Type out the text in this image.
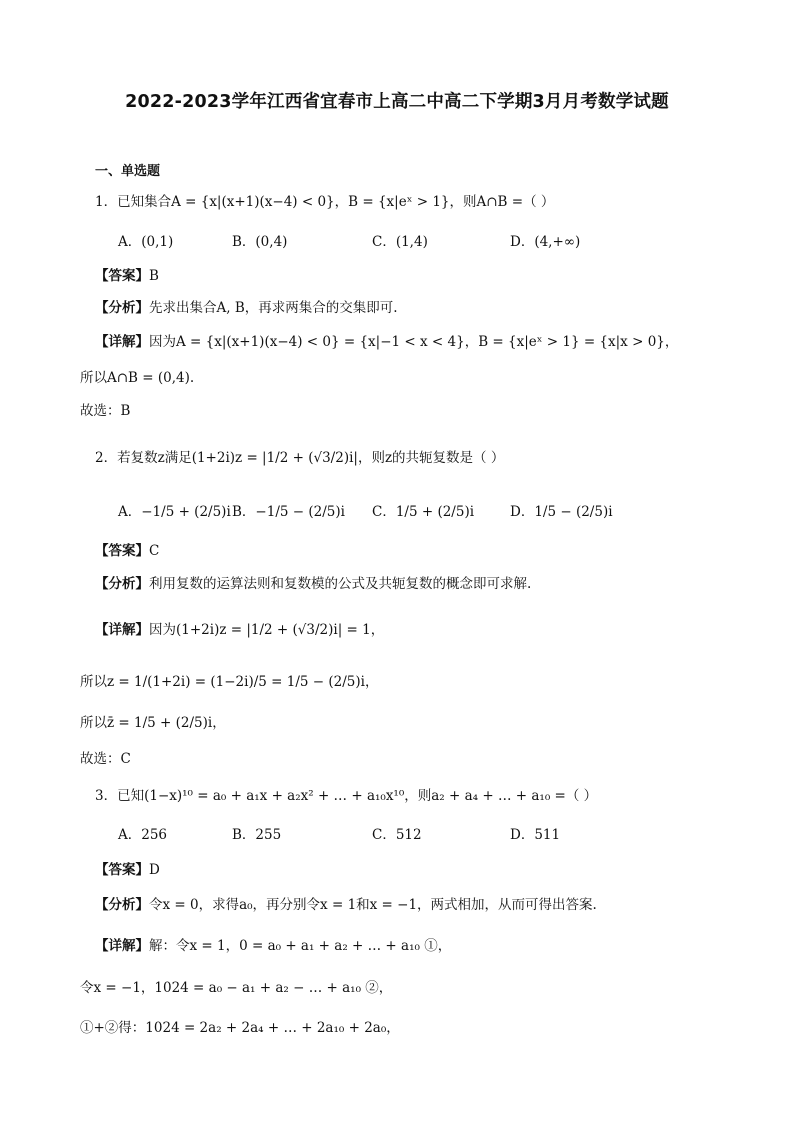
2022-2023学年江西省宜春市上高二中高二下学期3月月考数学试题
一、单选题
1．已知集合A = {x|(x+1)(x−4) < 0}，B = {x|eˣ > 1}，则A∩B =（ ）
A．(0,1)	B．(0,4)	C．(1,4)	D．(4,+∞)
【答案】B
【分析】先求出集合A, B，再求两集合的交集即可.
【详解】因为A = {x|(x+1)(x−4) < 0} = {x|−1 < x < 4}，B = {x|eˣ > 1} = {x|x > 0}，
所以A∩B = (0,4).
故选：B
2．若复数z满足(1+2i)z = |1/2 + (√3/2)i|，则z的共轭复数是（ ）
A．−1/5 + (2/5)i B．−1/5 − (2/5)i C．1/5 + (2/5)i	D．1/5 − (2/5)i
【答案】C
【分析】利用复数的运算法则和复数模的公式及共轭复数的概念即可求解.
【详解】因为(1+2i)z = |1/2 + (√3/2)i| = 1，
所以z = 1/(1+2i) = (1−2i)/5 = 1/5 − (2/5)i，
所以z̄ = 1/5 + (2/5)i，
故选：C
3．已知(1−x)¹⁰ = a₀ + a₁x + a₂x² + … + a₁₀x¹⁰，则a₂ + a₄ + … + a₁₀ =（ ）
A．256	B．255	C．512	D．511
【答案】D
【分析】令x = 0，求得a₀，再分别令x = 1和x = −1，两式相加，从而可得出答案.
【详解】解：令x = 1，0 = a₀ + a₁ + a₂ + … + a₁₀ ①，
令x = −1，1024 = a₀ − a₁ + a₂ − … + a₁₀ ②，
①+②得：1024 = 2a₂ + 2a₄ + … + 2a₁₀ + 2a₀，
